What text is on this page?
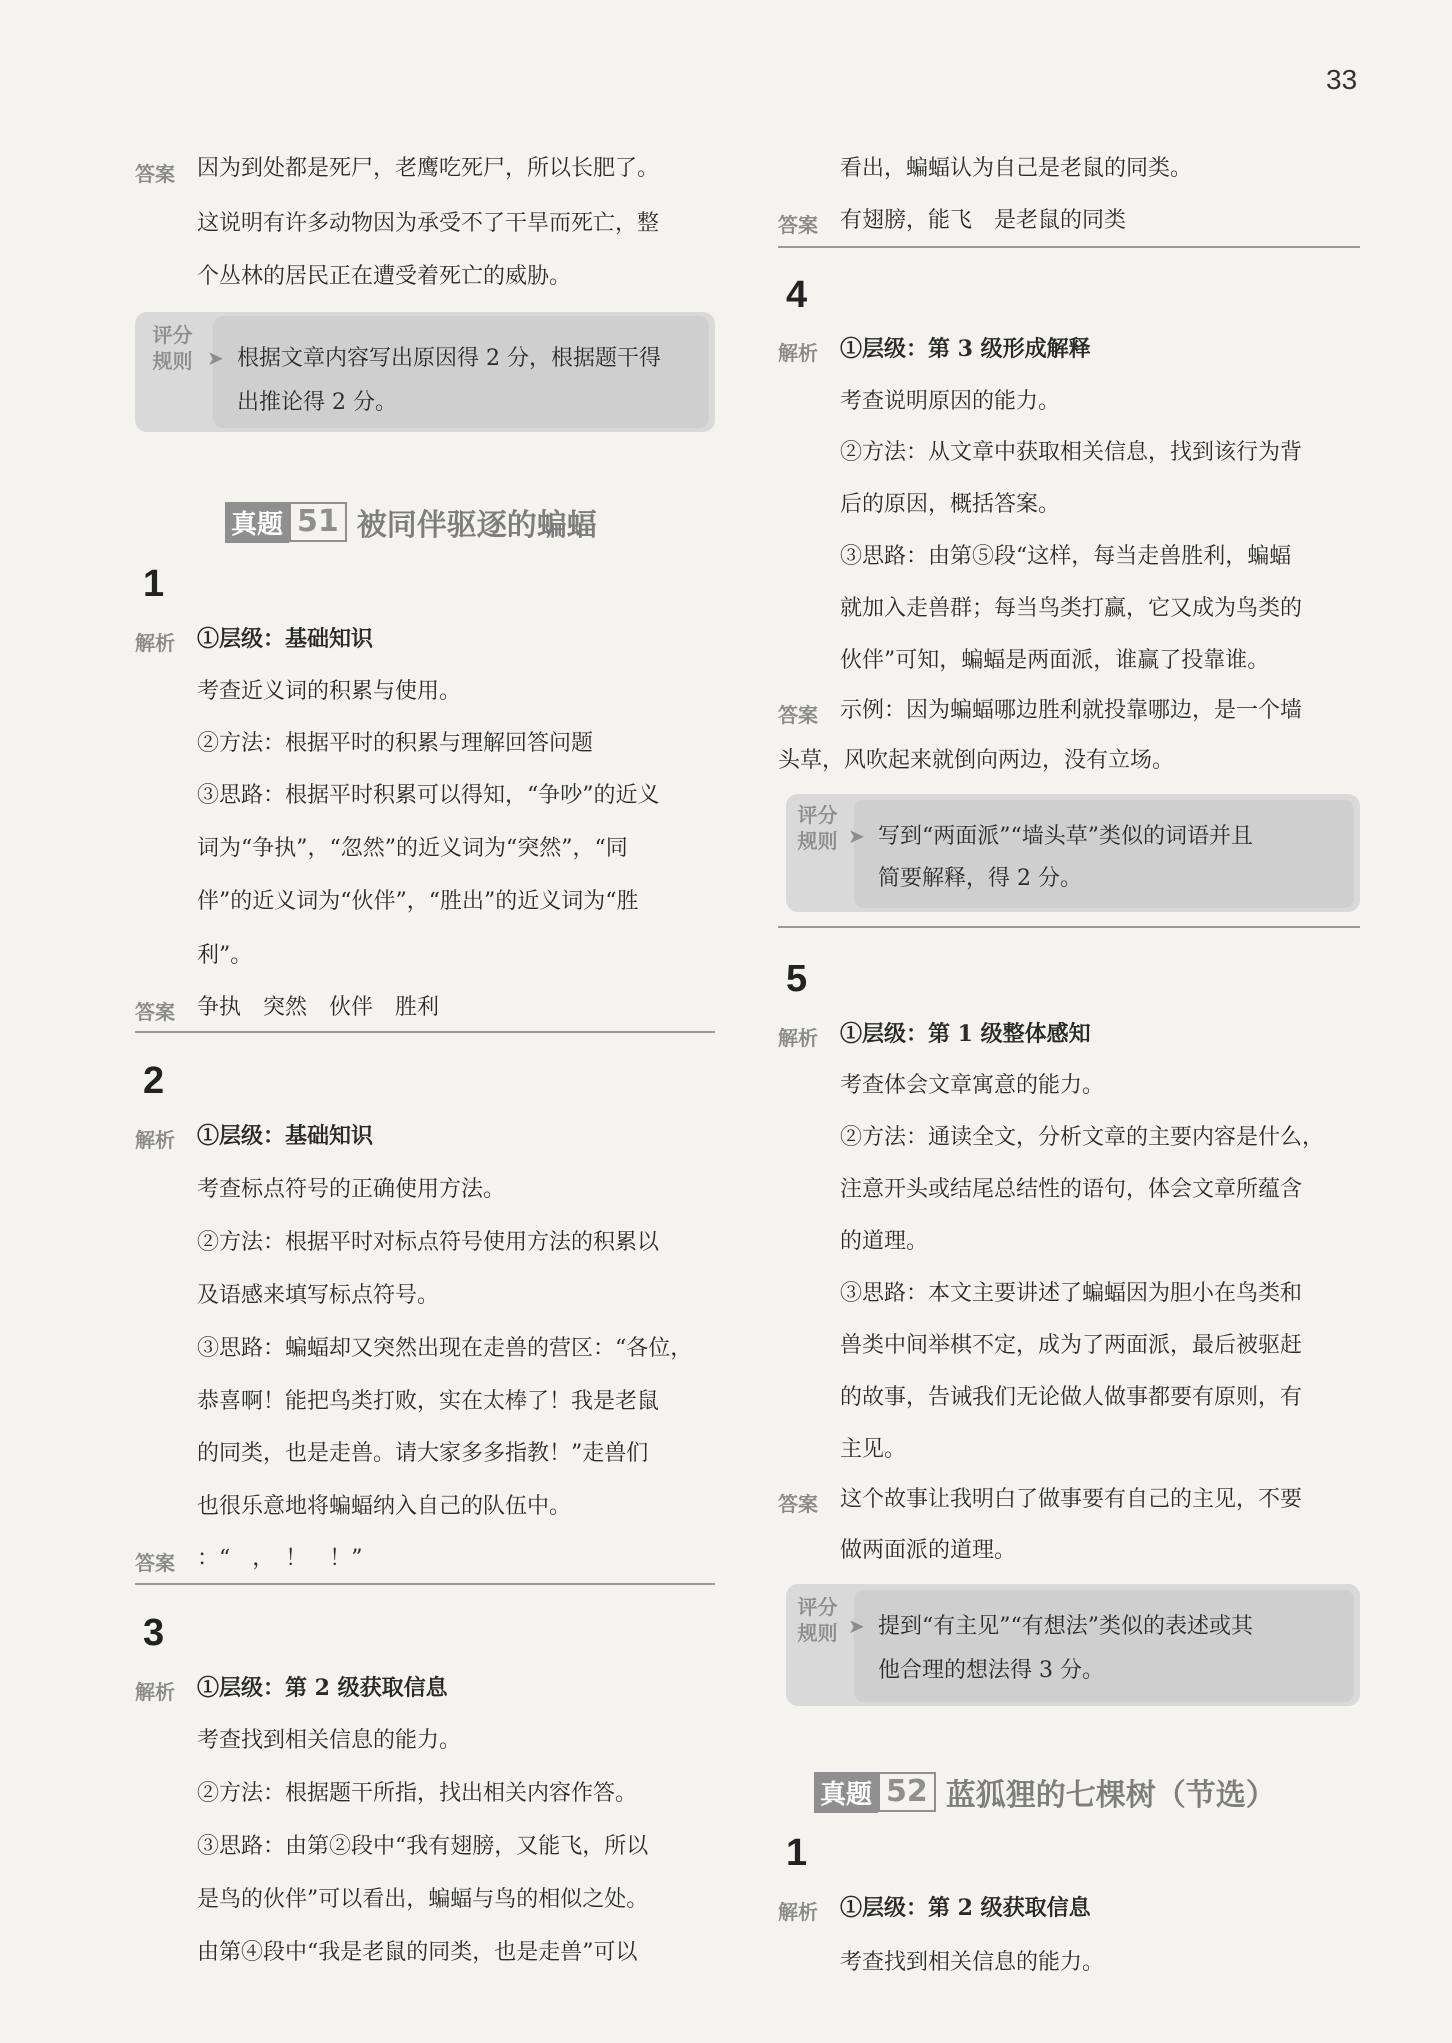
33
答案 因为到处都是死尸，老鹰吃死尸，所以长肥了。
这说明有许多动物因为承受不了干旱而死亡，整
个丛林的居民正在遭受着死亡的威胁。
评分
规则 ➤ 根据文章内容写出原因得 2 分，根据题干得
出推论得 2 分。
真题 51 被同伴驱逐的蝙蝠
1
解析 ①层级：基础知识
考查近义词的积累与使用。
②方法：根据平时的积累与理解回答问题
③思路：根据平时积累可以得知，“争吵”的近义
词为“争执”，“忽然”的近义词为“突然”，“同
伴”的近义词为“伙伴”，“胜出”的近义词为“胜
利”。
答案 争执　突然　伙伴　胜利
2
解析 ①层级：基础知识
考查标点符号的正确使用方法。
②方法：根据平时对标点符号使用方法的积累以
及语感来填写标点符号。
③思路：蝙蝠却又突然出现在走兽的营区：“各位，
恭喜啊！能把鸟类打败，实在太棒了！我是老鼠
的同类，也是走兽。请大家多多指教！”走兽们
也很乐意地将蝙蝠纳入自己的队伍中。
答案 ：“　，　！　！”
3
解析 ①层级：第 2 级获取信息
考查找到相关信息的能力。
②方法：根据题干所指，找出相关内容作答。
③思路：由第②段中“我有翅膀，又能飞，所以
是鸟的伙伴”可以看出，蝙蝠与鸟的相似之处。
由第④段中“我是老鼠的同类，也是走兽”可以
看出，蝙蝠认为自己是老鼠的同类。
答案 有翅膀，能飞　是老鼠的同类
4
解析 ①层级：第 3 级形成解释
考查说明原因的能力。
②方法：从文章中获取相关信息，找到该行为背
后的原因，概括答案。
③思路：由第⑤段“这样，每当走兽胜利，蝙蝠
就加入走兽群；每当鸟类打赢，它又成为鸟类的
伙伴”可知，蝙蝠是两面派，谁赢了投靠谁。
答案 示例：因为蝙蝠哪边胜利就投靠哪边，是一个墙
头草，风吹起来就倒向两边，没有立场。
评分
规则 ➤ 写到“两面派”“墙头草”类似的词语并且
简要解释，得 2 分。
5
解析 ①层级：第 1 级整体感知
考查体会文章寓意的能力。
②方法：通读全文，分析文章的主要内容是什么，
注意开头或结尾总结性的语句，体会文章所蕴含
的道理。
③思路：本文主要讲述了蝙蝠因为胆小在鸟类和
兽类中间举棋不定，成为了两面派，最后被驱赶
的故事，告诫我们无论做人做事都要有原则，有
主见。
答案 这个故事让我明白了做事要有自己的主见，不要
做两面派的道理。
评分
规则 ➤ 提到“有主见”“有想法”类似的表述或其
他合理的想法得 3 分。
真题 52 蓝狐狸的七棵树（节选）
1
解析 ①层级：第 2 级获取信息
考查找到相关信息的能力。
